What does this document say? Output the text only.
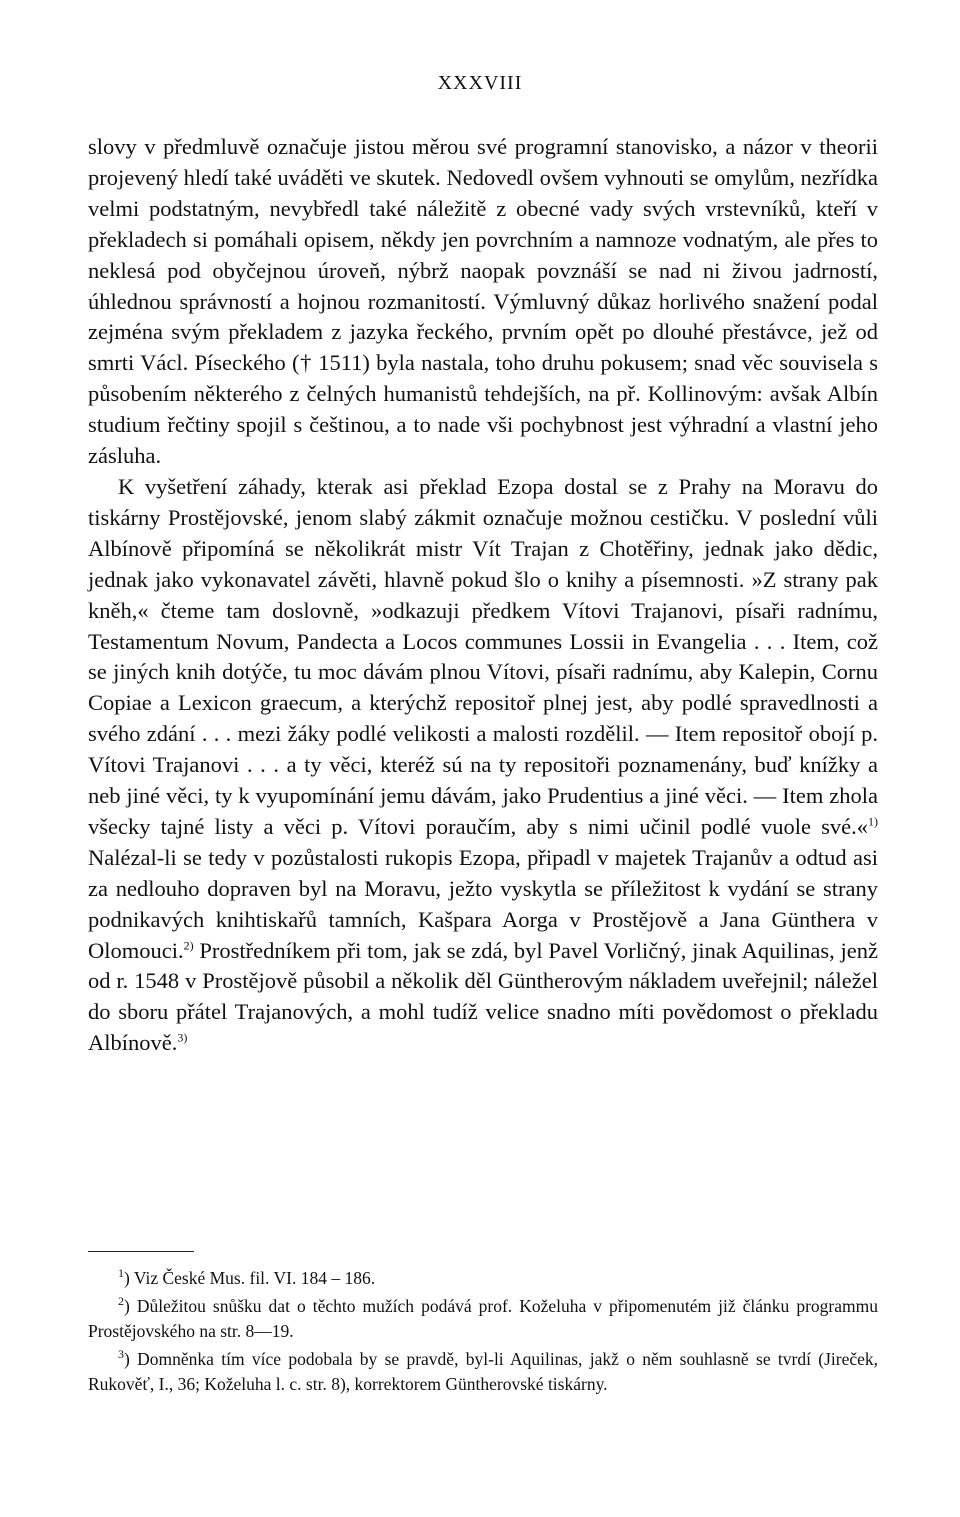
XXXVIII

slovy v předmluvě označuje jistou měrou své programní stanovisko, a názor v theorii projevený hledí také uváděti ve skutek. Nedovedl ovšem vyhnouti se omylům, nezřídka velmi podstatným, nevybředl také náležitě z obecné vady svých vrstevníků, kteří v překladech si pomáhali opisem, někdy jen povrchním a namnoze vodnatým, ale přes to neklesá pod obyčejnou úroveň, nýbrž naopak povznáší se nad ni živou jadrností, úhlednou správností a hojnou rozmanitostí. Výmluvný důkaz horlivého snažení podal zejména svým překladem z jazyka řeckého, prvním opět po dlouhé přestávce, jež od smrti Václ. Píseckého († 1511) byla nastala, toho druhu pokusem; snad věc souvisela s působením některého z čelných humanistů tehdejších, na př. Kollinovým: avšak Albín studium řečtiny spojil s češtinou, a to nade vši pochybnost jest výhradní a vlastní jeho zásluha.

K vyšetření záhady, kterak asi překlad Ezopa dostal se z Prahy na Moravu do tiskárny Prostějovské, jenom slabý zákmit označuje možnou cestičku. V poslední vůli Albínově připomíná se několikrát mistr Vít Trajan z Chotěřiny, jednak jako dědic, jednak jako vykonavatel závěti, hlavně pokud šlo o knihy a písemnosti. »Z strany pak kněh,« čteme tam doslovně, »odkazuji předkem Vítovi Trajanovi, písaři radnímu, Testamentum Novum, Pandecta a Locos communes Lossii in Evangelia . . . Item, což se jiných knih dotýče, tu moc dávám plnou Vítovi, písaři radnímu, aby Kalepin, Cornu Copiae a Lexicon graecum, a kterýchž repositoř plnej jest, aby podlé spravedlnosti a svého zdání . . . mezi žáky podlé velikosti a malosti rozdělil. — Item repositoř obojí p. Vítovi Trajanovi . . . a ty věci, kteréž sú na ty repositoři poznamenány, buď knížky a neb jiné věci, ty k vyupomínání jemu dávám, jako Prudentius a jiné věci. — Item zhola všecky tajné listy a věci p. Vítovi poraučím, aby s nimi učinil podlé vuole své.«$^{1)}$ Nalézal-li se tedy v pozůstalosti rukopis Ezopa, připadl v majetek Trajanův a odtud asi za nedlouho dopraven byl na Moravu, ježto vyskytla se příležitost k vydání se strany podnikavých knihtiskařů tamních, Kašpara Aorga v Prostějově a Jana Günthera v Olomouci.$^{2)}$ Prostředníkem při tom, jak se zdá, byl Pavel Vorličný, jinak Aquilinas, jenž od r. 1548 v Prostějově působil a několik děl Güntherovým nákladem uveřejnil; náležel do sboru přátel Trajanových, a mohl tudíž velice snadno míti povědomost o překladu Albínově.$^{3)}$

$^1$) Viz České Mus. fil. VI. 184 – 186.

$^2$) Důležitou snůšku dat o těchto mužích podává prof. Koželuha v připomenutém již článku programmu Prostějovského na str. 8—19.

$^3$) Domněnka tím více podobala by se pravdě, byl-li Aquilinas, jakž o něm souhlasně se tvrdí (Jireček, Rukověť, I., 36; Koželuha l. c. str. 8), korrektorem Güntherovské tiskárny.
